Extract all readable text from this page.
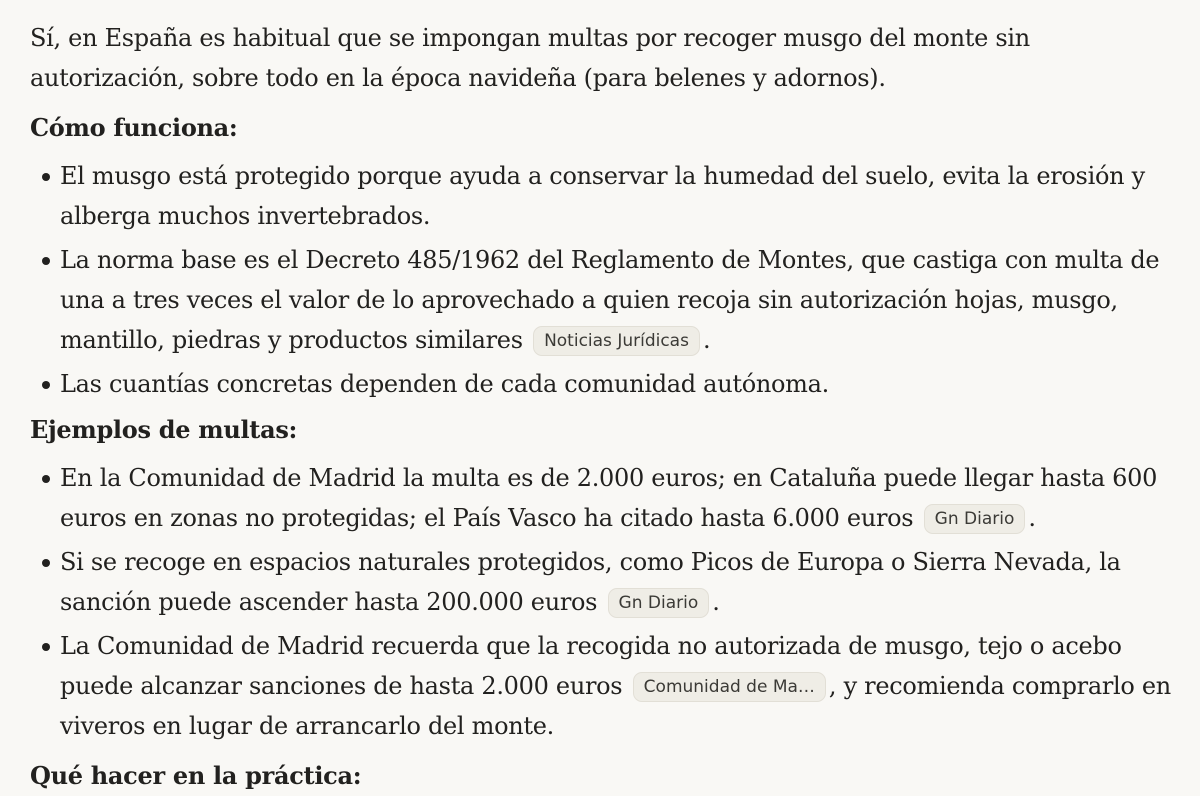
Sí, en España es habitual que se impongan multas por recoger musgo del monte sin autorización, sobre todo en la época navideña (para belenes y adornos).

Cómo funciona:
El musgo está protegido porque ayuda a conservar la humedad del suelo, evita la erosión y alberga muchos invertebrados.
La norma base es el Decreto 485/1962 del Reglamento de Montes, que castiga con multa de una a tres veces el valor de lo aprovechado a quien recoja sin autorización hojas, musgo, mantillo, piedras y productos similares Noticias Jurídicas .
Las cuantías concretas dependen de cada comunidad autónoma.
Ejemplos de multas:
En la Comunidad de Madrid la multa es de 2.000 euros; en Cataluña puede llegar hasta 600 euros en zonas no protegidas; el País Vasco ha citado hasta 6.000 euros Gn Diario .
Si se recoge en espacios naturales protegidos, como Picos de Europa o Sierra Nevada, la sanción puede ascender hasta 200.000 euros Gn Diario .
La Comunidad de Madrid recuerda que la recogida no autorizada de musgo, tejo o acebo puede alcanzar sanciones de hasta 2.000 euros Comunidad de Ma… , y recomienda comprarlo en viveros en lugar de arrancarlo del monte.
Qué hacer en la práctica:
